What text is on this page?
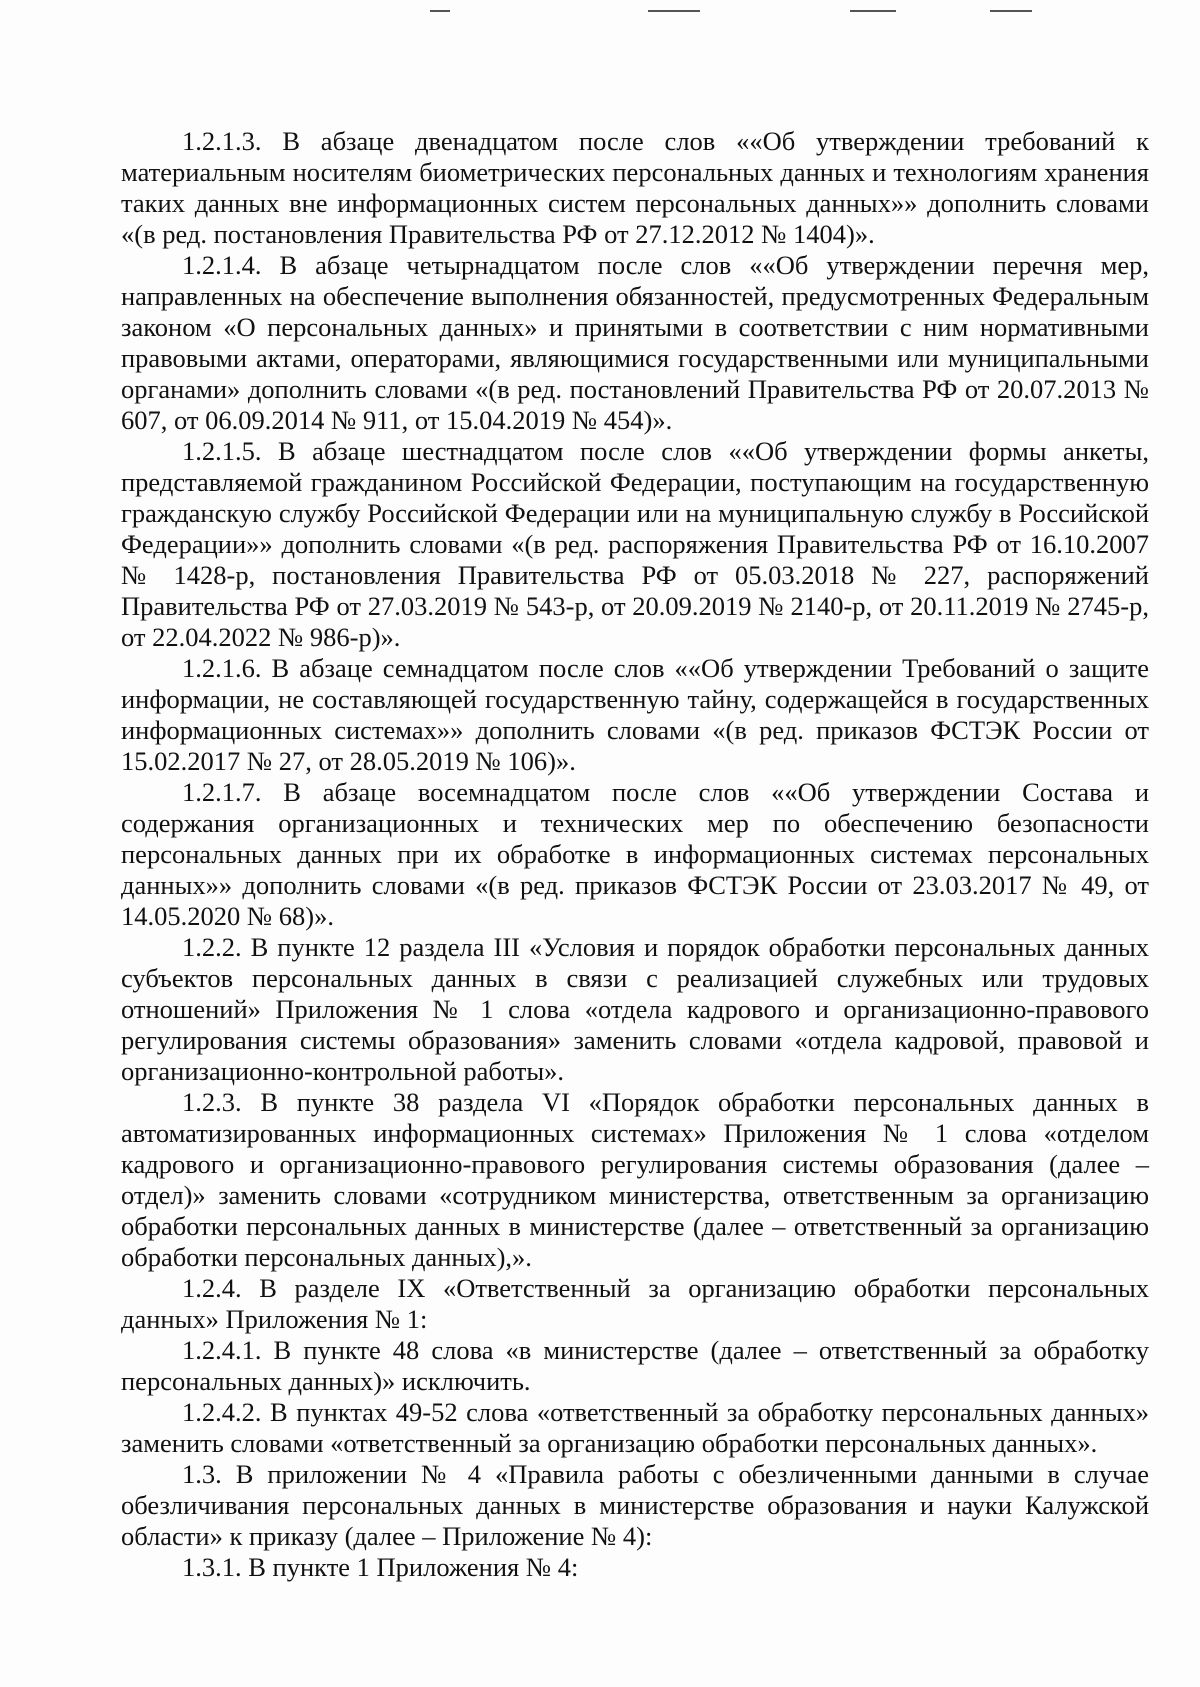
1.2.1.3. В абзаце двенадцатом после слов ««Об утверждении требований к материальным носителям биометрических персональных данных и технологиям хранения таких данных вне информационных систем персональных данных»» дополнить словами «(в ред. постановления Правительства РФ от 27.12.2012 № 1404)».

1.2.1.4. В абзаце четырнадцатом после слов ««Об утверждении перечня мер, направленных на обеспечение выполнения обязанностей, предусмотренных Федеральным законом «О персональных данных» и принятыми в соответствии с ним нормативными правовыми актами, операторами, являющимися государственными или муниципальными органами» дополнить словами «(в ред. постановлений Правительства РФ от 20.07.2013 № 607, от 06.09.2014 № 911, от 15.04.2019 № 454)».

1.2.1.5. В абзаце шестнадцатом после слов ««Об утверждении формы анкеты, представляемой гражданином Российской Федерации, поступающим на государственную гражданскую службу Российской Федерации или на муниципальную службу в Российской Федерации»» дополнить словами «(в ред. распоряжения Правительства РФ от 16.10.2007 № 1428-р, постановления Правительства РФ от 05.03.2018 № 227, распоряжений Правительства РФ от 27.03.2019 № 543-р, от 20.09.2019 № 2140-р, от 20.11.2019 № 2745-р, от 22.04.2022 № 986-р)».

1.2.1.6. В абзаце семнадцатом после слов ««Об утверждении Требований о защите информации, не составляющей государственную тайну, содержащейся в государственных информационных системах»» дополнить словами «(в ред. приказов ФСТЭК России от 15.02.2017 № 27, от 28.05.2019 № 106)».

1.2.1.7. В абзаце восемнадцатом после слов ««Об утверждении Состава и содержания организационных и технических мер по обеспечению безопасности персональных данных при их обработке в информационных системах персональных данных»» дополнить словами «(в ред. приказов ФСТЭК России от 23.03.2017 № 49, от 14.05.2020 № 68)».

1.2.2. В пункте 12 раздела III «Условия и порядок обработки персональных данных субъектов персональных данных в связи с реализацией служебных или трудовых отношений» Приложения № 1 слова «отдела кадрового и организационно-правового регулирования системы образования» заменить словами «отдела кадровой, правовой и организационно-контрольной работы».

1.2.3. В пункте 38 раздела VI «Порядок обработки персональных данных в автоматизированных информационных системах» Приложения № 1 слова «отделом кадрового и организационно-правового регулирования системы образования (далее – отдел)» заменить словами «сотрудником министерства, ответственным за организацию обработки персональных данных в министерстве (далее – ответственный за организацию обработки персональных данных),».

1.2.4. В разделе IX «Ответственный за организацию обработки персональных данных» Приложения № 1:

1.2.4.1. В пункте 48 слова «в министерстве (далее – ответственный за обработку персональных данных)» исключить.

1.2.4.2. В пунктах 49-52 слова «ответственный за обработку персональных данных» заменить словами «ответственный за организацию обработки персональных данных».

1.3. В приложении № 4 «Правила работы с обезличенными данными в случае обезличивания персональных данных в министерстве образования и науки Калужской области» к приказу (далее – Приложение № 4):

1.3.1. В пункте 1 Приложения № 4:
